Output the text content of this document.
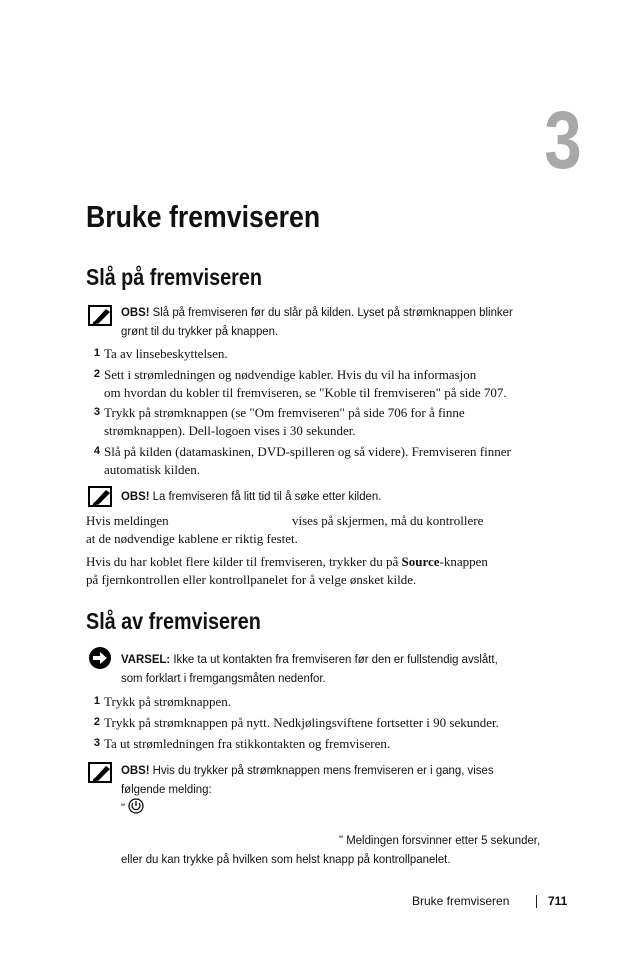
3
Bruke fremviseren
Slå på fremviseren
OBS! Slå på fremviseren før du slår på kilden. Lyset på strømknappen blinker
grønt til du trykker på knappen.
1 Ta av linsebeskyttelsen.
2 Sett i strømledningen og nødvendige kabler. Hvis du vil ha informasjon
om hvordan du kobler til fremviseren, se "Koble til fremviseren" på side 707.
3 Trykk på strømknappen (se "Om fremviseren" på side 706 for å finne
strømknappen). Dell-logoen vises i 30 sekunder.
4 Slå på kilden (datamaskinen, DVD-spilleren og så videre). Fremviseren finner
automatisk kilden.
OBS! La fremviseren få litt tid til å søke etter kilden.
Hvis meldingen	vises på skjermen, må du kontrollere
at de nødvendige kablene er riktig festet.
Hvis du har koblet flere kilder til fremviseren, trykker du på Source-knappen
på fjernkontrollen eller kontrollpanelet for å velge ønsket kilde.
Slå av fremviseren
VARSEL: Ikke ta ut kontakten fra fremviseren før den er fullstendig avslått,
som forklart i fremgangsmåten nedenfor.
1 Trykk på strømknappen.
2 Trykk på strømknappen på nytt. Nedkjølingsviftene fortsetter i 90 sekunder.
3 Ta ut strømledningen fra stikkontakten og fremviseren.
OBS! Hvis du trykker på strømknappen mens fremviseren er i gang, vises
følgende melding:
"
" Meldingen forsvinner etter 5 sekunder,
eller du kan trykke på hvilken som helst knapp på kontrollpanelet.
Bruke fremviseren	711
